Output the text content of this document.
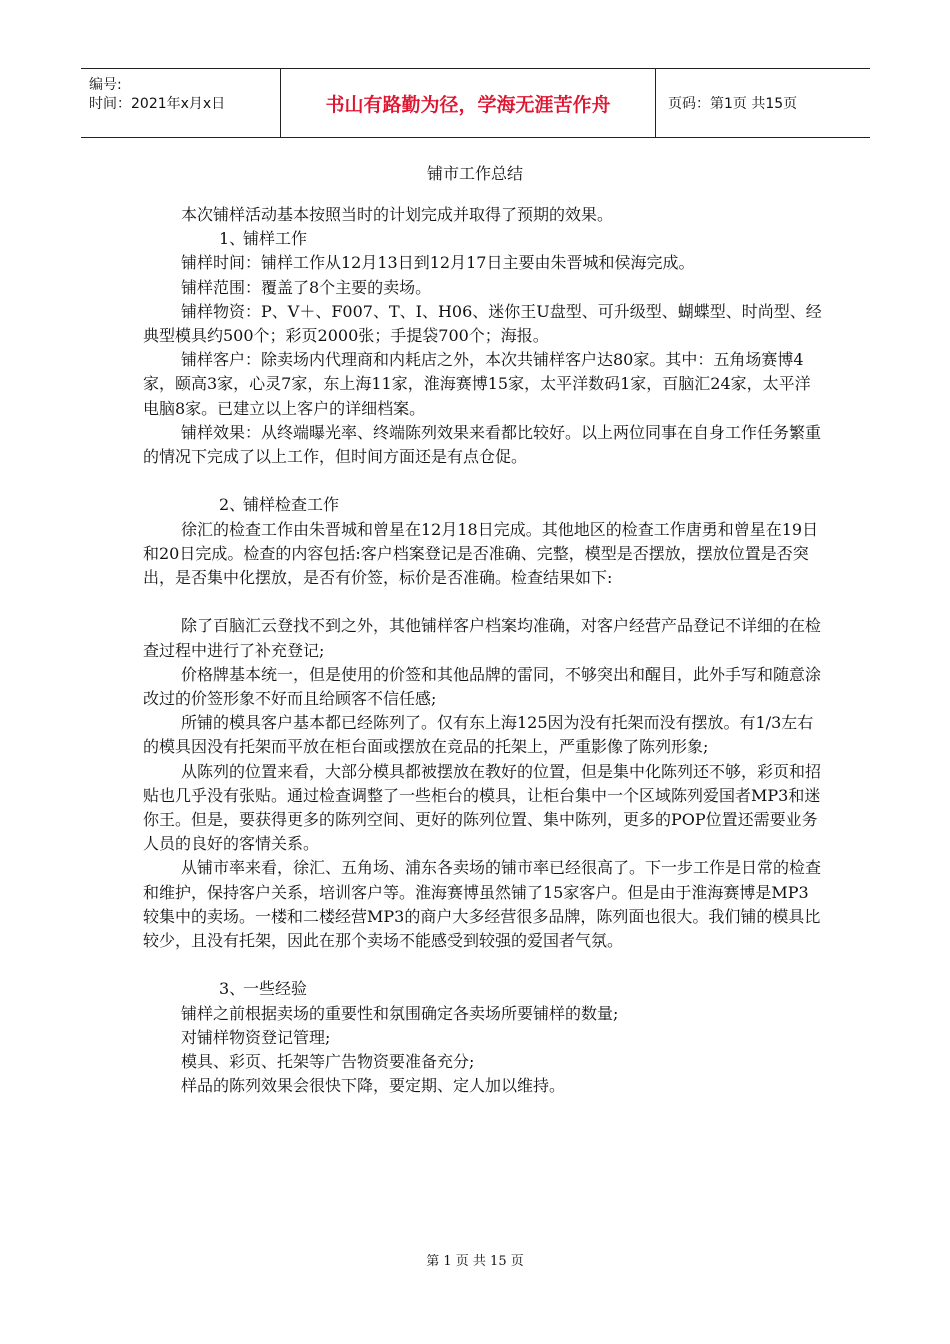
编号:
时间：2021年x月x日	书山有路勤为径，学海无涯苦作舟	页码：第1页 共15页
铺市工作总结

本次铺样活动基本按照当时的计划完成并取得了预期的效果。

1、铺样工作

铺样时间：铺样工作从12月13日到12月17日主要由朱晋城和侯海完成。

铺样范围：覆盖了8个主要的卖场。

铺样物资：P、V＋、F007、T、I、H06、迷你王U盘型、可升级型、蝴蝶型、时尚型、经典型模具约500个；彩页2000张；手提袋700个；海报。

铺样客户：除卖场内代理商和内耗店之外，本次共铺样客户达80家。其中：五角场赛博4家，颐高3家，心灵7家，东上海11家，淮海赛博15家，太平洋数码1家，百脑汇24家，太平洋电脑8家。已建立以上客户的详细档案。

铺样效果：从终端曝光率、终端陈列效果来看都比较好。以上两位同事在自身工作任务繁重的情况下完成了以上工作，但时间方面还是有点仓促。

2、铺样检查工作

徐汇的检查工作由朱晋城和曾星在12月18日完成。其他地区的检查工作唐勇和曾星在19日和20日完成。检查的内容包括:客户档案登记是否准确、完整，模型是否摆放，摆放位置是否突出，是否集中化摆放，是否有价签，标价是否准确。检查结果如下:

除了百脑汇云登找不到之外，其他铺样客户档案均准确，对客户经营产品登记不详细的在检查过程中进行了补充登记;

价格牌基本统一，但是使用的价签和其他品牌的雷同，不够突出和醒目，此外手写和随意涂改过的价签形象不好而且给顾客不信任感;

所铺的模具客户基本都已经陈列了。仅有东上海125因为没有托架而没有摆放。有1/3左右的模具因没有托架而平放在柜台面或摆放在竞品的托架上，严重影像了陈列形象;

从陈列的位置来看，大部分模具都被摆放在教好的位置，但是集中化陈列还不够，彩页和招贴也几乎没有张贴。通过检查调整了一些柜台的模具，让柜台集中一个区域陈列爱国者MP3和迷你王。但是，要获得更多的陈列空间、更好的陈列位置、集中陈列，更多的POP位置还需要业务人员的良好的客情关系。

从铺市率来看，徐汇、五角场、浦东各卖场的铺市率已经很高了。下一步工作是日常的检查和维护，保持客户关系，培训客户等。淮海赛博虽然铺了15家客户。但是由于淮海赛博是MP3较集中的卖场。一楼和二楼经营MP3的商户大多经营很多品牌，陈列面也很大。我们铺的模具比较少，且没有托架，因此在那个卖场不能感受到较强的爱国者气氛。

3、一些经验

铺样之前根据卖场的重要性和氛围确定各卖场所要铺样的数量;

对铺样物资登记管理;

模具、彩页、托架等广告物资要准备充分;

样品的陈列效果会很快下降，要定期、定人加以维持。

第 1 页 共 15 页
